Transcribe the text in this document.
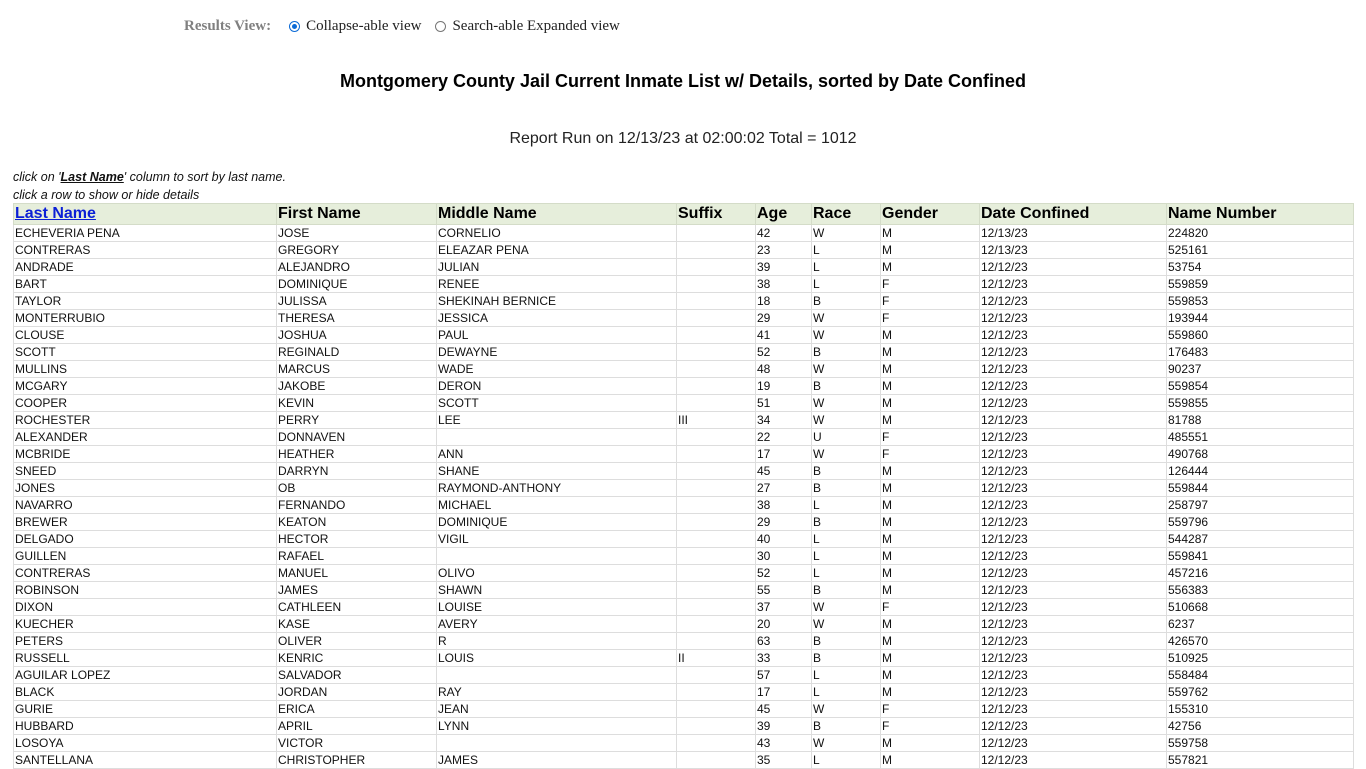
Results View: Collapse-able view Search-able Expanded view
Montgomery County Jail Current Inmate List w/ Details, sorted by Date Confined
Report Run on 12/13/23 at 02:00:02 Total = 1012
click on 'Last Name' column to sort by last name.
click a row to show or hide details
Last Name	First Name	Middle Name	Suffix	Age	Race	Gender	Date Confined	Name Number
ECHEVERIA PENA	JOSE	CORNELIO		42	W	M	12/13/23	224820
CONTRERAS	GREGORY	ELEAZAR PENA		23	L	M	12/13/23	525161
ANDRADE	ALEJANDRO	JULIAN		39	L	M	12/12/23	53754
BART	DOMINIQUE	RENEE		38	L	F	12/12/23	559859
TAYLOR	JULISSA	SHEKINAH BERNICE		18	B	F	12/12/23	559853
MONTERRUBIO	THERESA	JESSICA		29	W	F	12/12/23	193944
CLOUSE	JOSHUA	PAUL		41	W	M	12/12/23	559860
SCOTT	REGINALD	DEWAYNE		52	B	M	12/12/23	176483
MULLINS	MARCUS	WADE		48	W	M	12/12/23	90237
MCGARY	JAKOBE	DERON		19	B	M	12/12/23	559854
COOPER	KEVIN	SCOTT		51	W	M	12/12/23	559855
ROCHESTER	PERRY	LEE	III	34	W	M	12/12/23	81788
ALEXANDER	DONNAVEN			22	U	F	12/12/23	485551
MCBRIDE	HEATHER	ANN		17	W	F	12/12/23	490768
SNEED	DARRYN	SHANE		45	B	M	12/12/23	126444
JONES	OB	RAYMOND-ANTHONY		27	B	M	12/12/23	559844
NAVARRO	FERNANDO	MICHAEL		38	L	M	12/12/23	258797
BREWER	KEATON	DOMINIQUE		29	B	M	12/12/23	559796
DELGADO	HECTOR	VIGIL		40	L	M	12/12/23	544287
GUILLEN	RAFAEL			30	L	M	12/12/23	559841
CONTRERAS	MANUEL	OLIVO		52	L	M	12/12/23	457216
ROBINSON	JAMES	SHAWN		55	B	M	12/12/23	556383
DIXON	CATHLEEN	LOUISE		37	W	F	12/12/23	510668
KUECHER	KASE	AVERY		20	W	M	12/12/23	6237
PETERS	OLIVER	R		63	B	M	12/12/23	426570
RUSSELL	KENRIC	LOUIS	II	33	B	M	12/12/23	510925
AGUILAR LOPEZ	SALVADOR			57	L	M	12/12/23	558484
BLACK	JORDAN	RAY		17	L	M	12/12/23	559762
GURIE	ERICA	JEAN		45	W	F	12/12/23	155310
HUBBARD	APRIL	LYNN		39	B	F	12/12/23	42756
LOSOYA	VICTOR			43	W	M	12/12/23	559758
SANTELLANA	CHRISTOPHER	JAMES		35	L	M	12/12/23	557821
